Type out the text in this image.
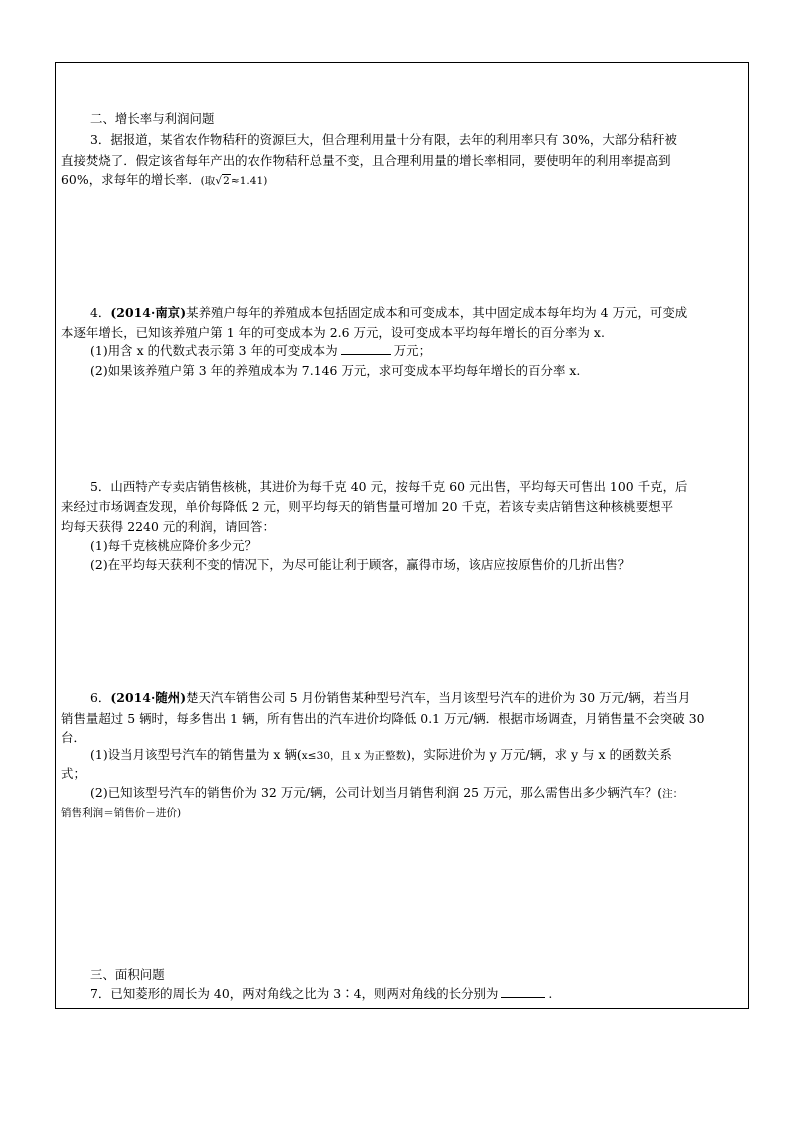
二、增长率与利润问题
3．据报道，某省农作物秸秆的资源巨大，但合理利用量十分有限，去年的利用率只有 30%，大部分秸秆被
直接焚烧了．假定该省每年产出的农作物秸秆总量不变，且合理利用量的增长率相同，要使明年的利用率提高到
60%，求每年的增长率．(取√2≈1.41)
4．(2014·南京)某养殖户每年的养殖成本包括固定成本和可变成本，其中固定成本每年均为 4 万元，可变成
本逐年增长，已知该养殖户第 1 年的可变成本为 2.6 万元，设可变成本平均每年增长的百分率为 x.
(1)用含 x 的代数式表示第 3 年的可变成本为	万元；
(2)如果该养殖户第 3 年的养殖成本为 7.146 万元，求可变成本平均每年增长的百分率 x.
5．山西特产专卖店销售核桃，其进价为每千克 40 元，按每千克 60 元出售，平均每天可售出 100 千克，后
来经过市场调查发现，单价每降低 2 元，则平均每天的销售量可增加 20 千克，若该专卖店销售这种核桃要想平
均每天获得 2240 元的利润，请回答：
(1)每千克核桃应降价多少元？
(2)在平均每天获利不变的情况下，为尽可能让利于顾客，赢得市场，该店应按原售价的几折出售？
6．(2014·随州)楚天汽车销售公司 5 月份销售某种型号汽车，当月该型号汽车的进价为 30 万元/辆，若当月
销售量超过 5 辆时，每多售出 1 辆，所有售出的汽车进价均降低 0.1 万元/辆．根据市场调查，月销售量不会突破 30
台．
(1)设当月该型号汽车的销售量为 x 辆(x≤30，且 x 为正整数)，实际进价为 y 万元/辆，求 y 与 x 的函数关系
式；
(2)已知该型号汽车的销售价为 32 万元/辆，公司计划当月销售利润 25 万元，那么需售出多少辆汽车？(注：
销售利润＝销售价－进价)
三、面积问题
7．已知菱形的周长为 40，两对角线之比为 3∶4，则两对角线的长分别为	.
